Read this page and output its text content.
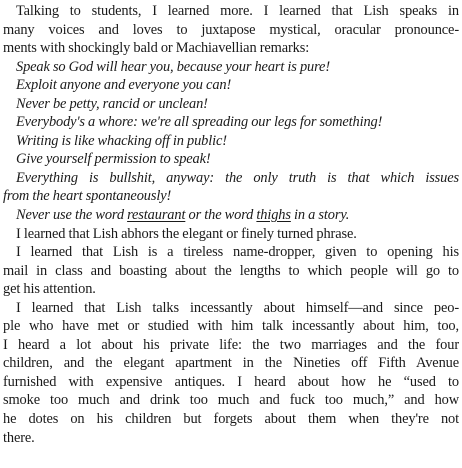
Talking to students, I learned more. I learned that Lish speaks in
many voices and loves to juxtapose mystical, oracular pronounce-
ments with shockingly bald or Machiavellian remarks:
Speak so God will hear you, because your heart is pure!
Exploit anyone and everyone you can!
Never be petty, rancid or unclean!
Everybody's a whore: we're all spreading our legs for something!
Writing is like whacking off in public!
Give yourself permission to speak!
Everything is bullshit, anyway: the only truth is that which issues
from the heart spontaneously!
Never use the word restaurant or the word thighs in a story.
I learned that Lish abhors the elegant or finely turned phrase.
I learned that Lish is a tireless name-dropper, given to opening his
mail in class and boasting about the lengths to which people will go to
get his attention.
I learned that Lish talks incessantly about himself—and since peo-
ple who have met or studied with him talk incessantly about him, too,
I heard a lot about his private life: the two marriages and the four
children, and the elegant apartment in the Nineties off Fifth Avenue
furnished with expensive antiques. I heard about how he “used to
smoke too much and drink too much and fuck too much,” and how
he dotes on his children but forgets about them when they're not
there.
